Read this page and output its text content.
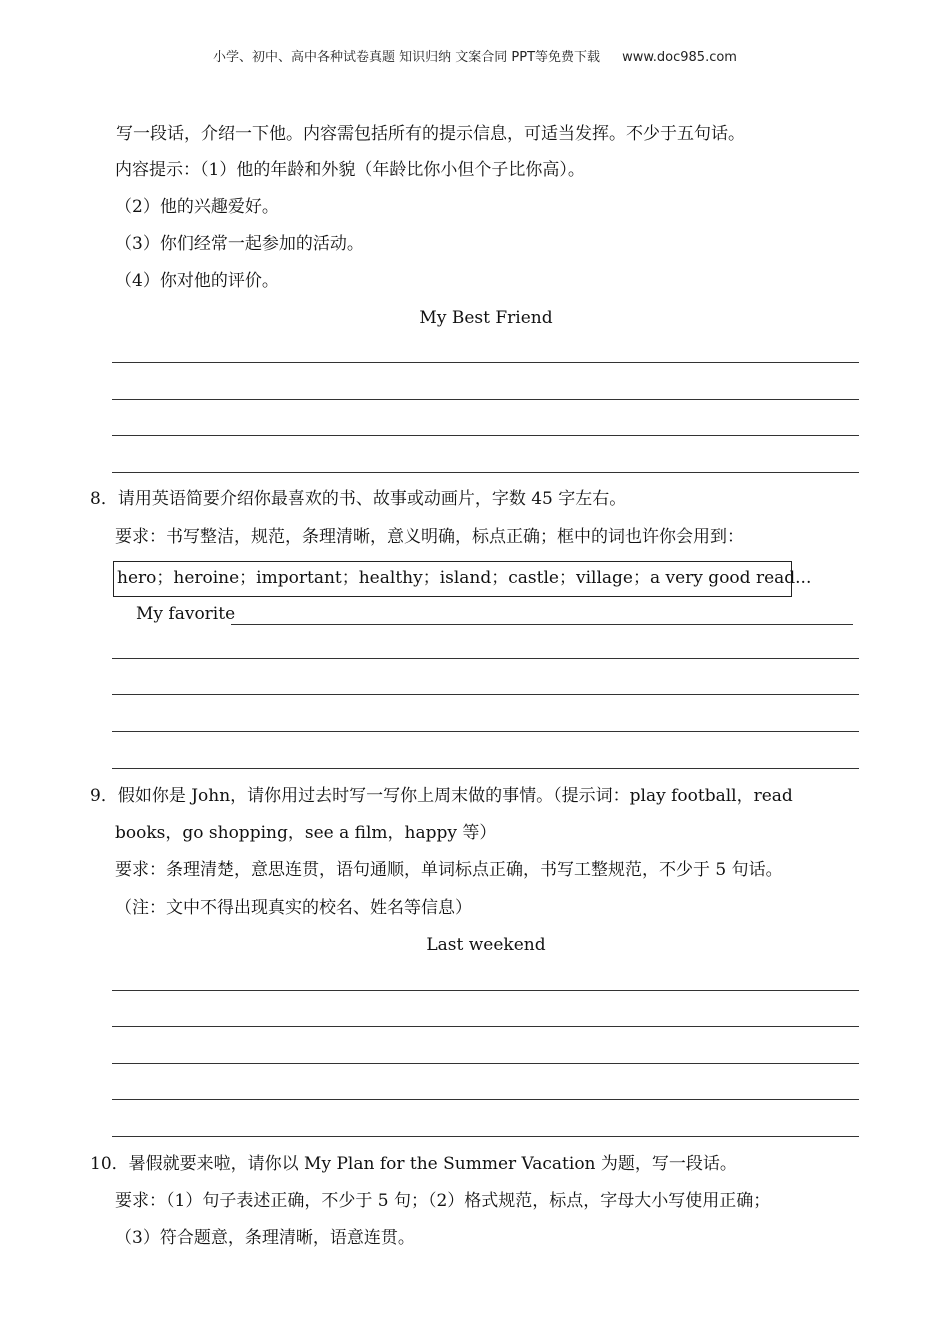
小学、初中、高中各种试卷真题 知识归纳 文案合同 PPT等免费下载 www.doc985.com
写一段话，介绍一下他。内容需包括所有的提示信息，可适当发挥。不少于五句话。
内容提示：（1）他的年龄和外貌（年龄比你小但个子比你高）。
（2）他的兴趣爱好。
（3）你们经常一起参加的活动。
（4）你对他的评价。
My Best Friend
8．请用英语简要介绍你最喜欢的书、故事或动画片，字数 45 字左右。
要求：书写整洁，规范，条理清晰，意义明确，标点正确；框中的词也许你会用到：
hero；heroine；important；healthy；island；castle；village；a very good read...
My favorite
9．假如你是 John，请你用过去时写一写你上周末做的事情。（提示词：play football，read
books，go shopping，see a film，happy 等）
要求：条理清楚，意思连贯，语句通顺，单词标点正确，书写工整规范，不少于 5 句话。
（注：文中不得出现真实的校名、姓名等信息）
Last weekend
10．暑假就要来啦，请你以 My Plan for the Summer Vacation 为题，写一段话。
要求：（1）句子表述正确，不少于 5 句；（2）格式规范，标点，字母大小写使用正确；
（3）符合题意，条理清晰，语意连贯。
